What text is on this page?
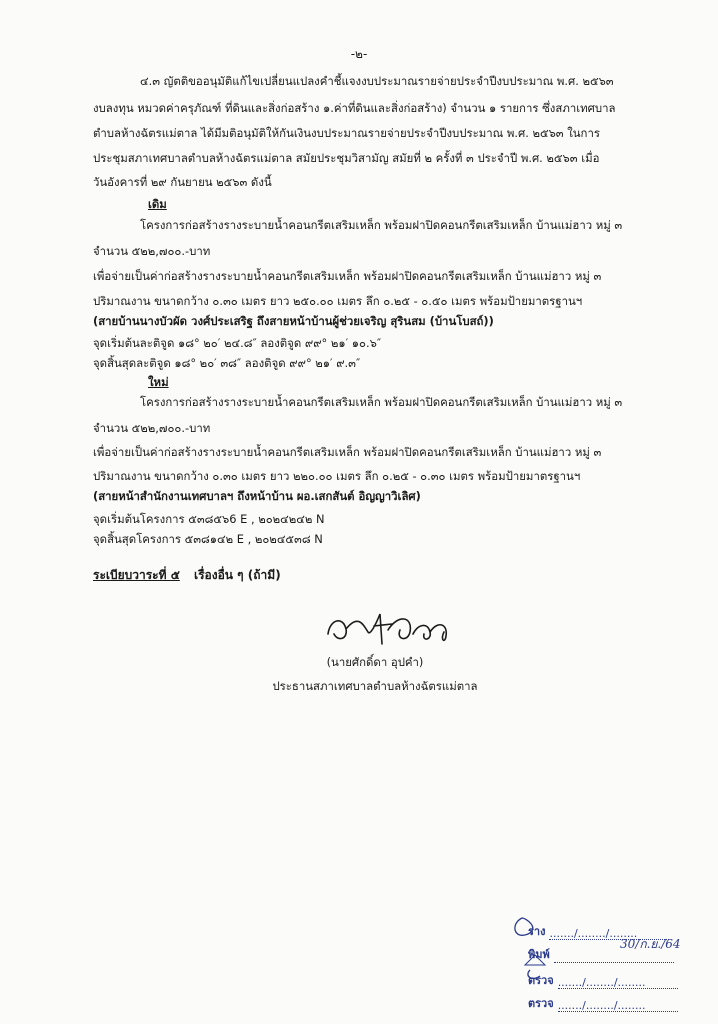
-๒-
๔.๓ ญัตติขออนุมัติแก้ไขเปลี่ยนแปลงคำชี้แจงงบประมาณรายจ่ายประจำปีงบประมาณ พ.ศ. ๒๕๖๓
งบลงทุน หมวดค่าครุภัณฑ์ ที่ดินและสิ่งก่อสร้าง ๑.ค่าที่ดินและสิ่งก่อสร้าง) จำนวน ๑ รายการ ซึ่งสภาเทศบาล
ตำบลห้างฉัตรแม่ตาล ได้มีมติอนุมัติให้กันเงินงบประมาณรายจ่ายประจำปีงบประมาณ พ.ศ. ๒๕๖๓ ในการ
ประชุมสภาเทศบาลตำบลห้างฉัตรแม่ตาล สมัยประชุมวิสามัญ สมัยที่ ๒ ครั้งที่ ๓ ประจำปี พ.ศ. ๒๕๖๓ เมื่อ
วันอังคารที่ ๒๙ กันยายน ๒๕๖๓ ดังนี้
เดิม
โครงการก่อสร้างรางระบายน้ำคอนกรีตเสริมเหล็ก พร้อมฝาปิดคอนกรีตเสริมเหล็ก บ้านแม่ฮาว หมู่ ๓
จำนวน ๕๒๒,๗๐๐.-บาท
เพื่อจ่ายเป็นค่าก่อสร้างรางระบายน้ำคอนกรีตเสริมเหล็ก พร้อมฝาปิดคอนกรีตเสริมเหล็ก บ้านแม่ฮาว หมู่ ๓
ปริมาณงาน ขนาดกว้าง ๐.๓๐ เมตร ยาว ๒๕๐.๐๐ เมตร ลึก ๐.๒๕ - ๐.๕๐ เมตร พร้อมป้ายมาตรฐานฯ
(สายบ้านนางบัวผัด วงศ์ประเสริฐ ถึงสายหน้าบ้านผู้ช่วยเจริญ สุรินสม (บ้านโบสถ์))
จุดเริ่มต้นละติจูด ๑๘° ๒๐′ ๒๔.๘″ ลองติจูด ๙๙° ๒๑′ ๑๐.๖″
จุดสิ้นสุดละติจูด ๑๘° ๒๐′ ๓๘″ ลองติจูด ๙๙° ๒๑′ ๙.๓″
ใหม่
โครงการก่อสร้างรางระบายน้ำคอนกรีตเสริมเหล็ก พร้อมฝาปิดคอนกรีตเสริมเหล็ก บ้านแม่ฮาว หมู่ ๓
จำนวน ๕๒๒,๗๐๐.-บาท
เพื่อจ่ายเป็นค่าก่อสร้างรางระบายน้ำคอนกรีตเสริมเหล็ก พร้อมฝาปิดคอนกรีตเสริมเหล็ก บ้านแม่ฮาว หมู่ ๓
ปริมาณงาน ขนาดกว้าง ๐.๓๐ เมตร ยาว ๒๒๐.๐๐ เมตร ลึก ๐.๒๕ - ๐.๓๐ เมตร พร้อมป้ายมาตรฐานฯ
(สายหน้าสำนักงานเทศบาลฯ ถึงหน้าบ้าน ผอ.เสกสันต์ อิญญาวิเลิศ)
จุดเริ่มต้นโครงการ ๕๓๘๕๖6 E , ๒๐๒๔๒๔๒ N
จุดสิ้นสุดโครงการ ๕๓๘๑๔๒ E , ๒๐๒๔๕๓๘ N
ระเบียบวาระที่ ๕ เรื่องอื่น ๆ (ถ้ามี)
(นายศักดิ์ดา อุปคำ)
ประธานสภาเทศบาลตำบลห้างฉัตรแม่ตาล
ร่าง ......./......../........
พิมพ์
30/ก.ย./64
ตรวจ ......./......../........
ตรวจ ......./......../........
